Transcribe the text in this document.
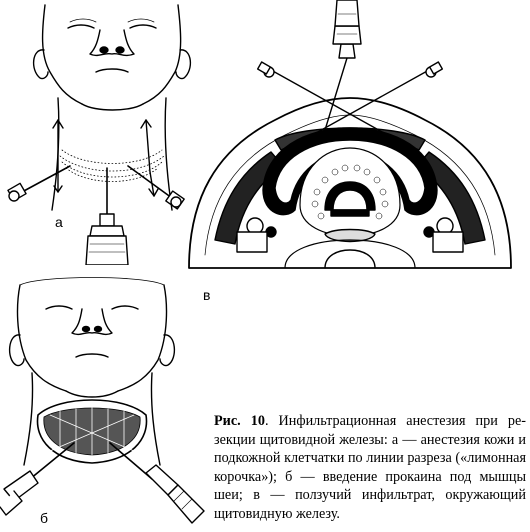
а
б
в
Рис. 10. Инфильтрационная анестезия при резекции щитовидной железы: а — анестезия кожи и подкожной клетчатки по линии разреза («лимонная корочка»); б — введение прокаина под мышцы шеи; в — ползучий инфильтрат, окружающий щитовидную железу.
